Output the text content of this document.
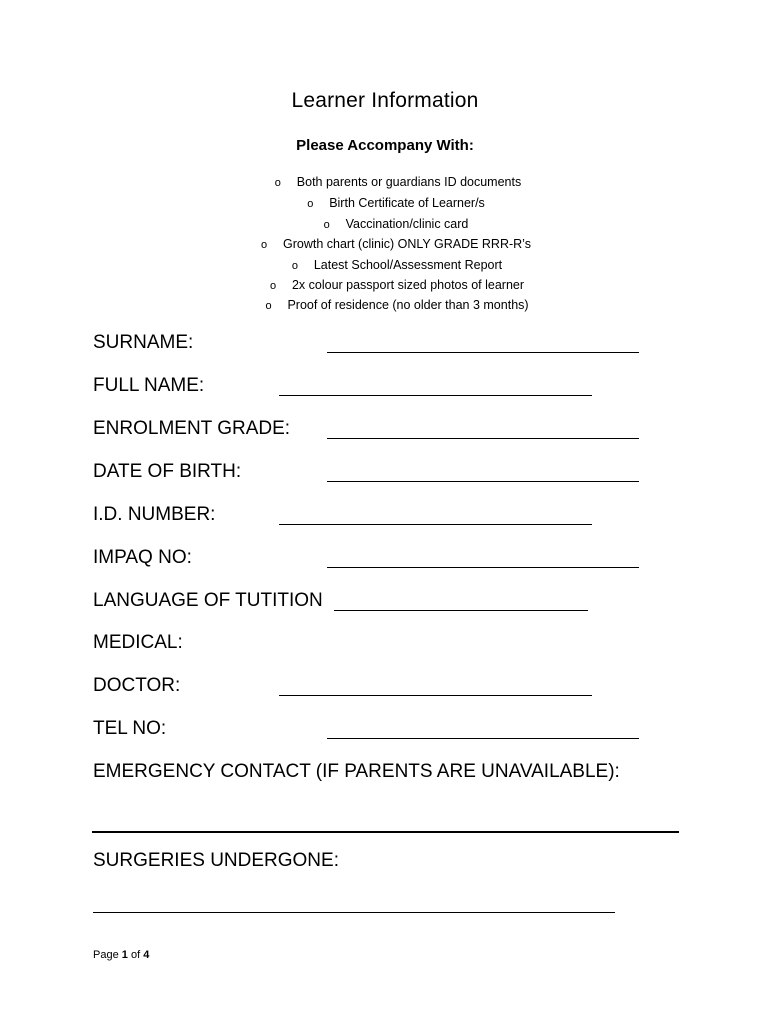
Learner Information
Please Accompany With:
o Both parents or guardians ID documents
o Birth Certificate of Learner/s
o Vaccination/clinic card
o Growth chart (clinic) ONLY GRADE RRR-R’s
o Latest School/Assessment Report
o 2x colour passport sized photos of learner
o Proof of residence (no older than 3 months)
SURNAME:
FULL NAME:
ENROLMENT GRADE:
DATE OF BIRTH:
I.D. NUMBER:
IMPAQ NO:
LANGUAGE OF TUTITION
MEDICAL:
DOCTOR:
TEL NO:
EMERGENCY CONTACT (IF PARENTS ARE UNAVAILABLE):
SURGERIES UNDERGONE:
Page 1 of 4
